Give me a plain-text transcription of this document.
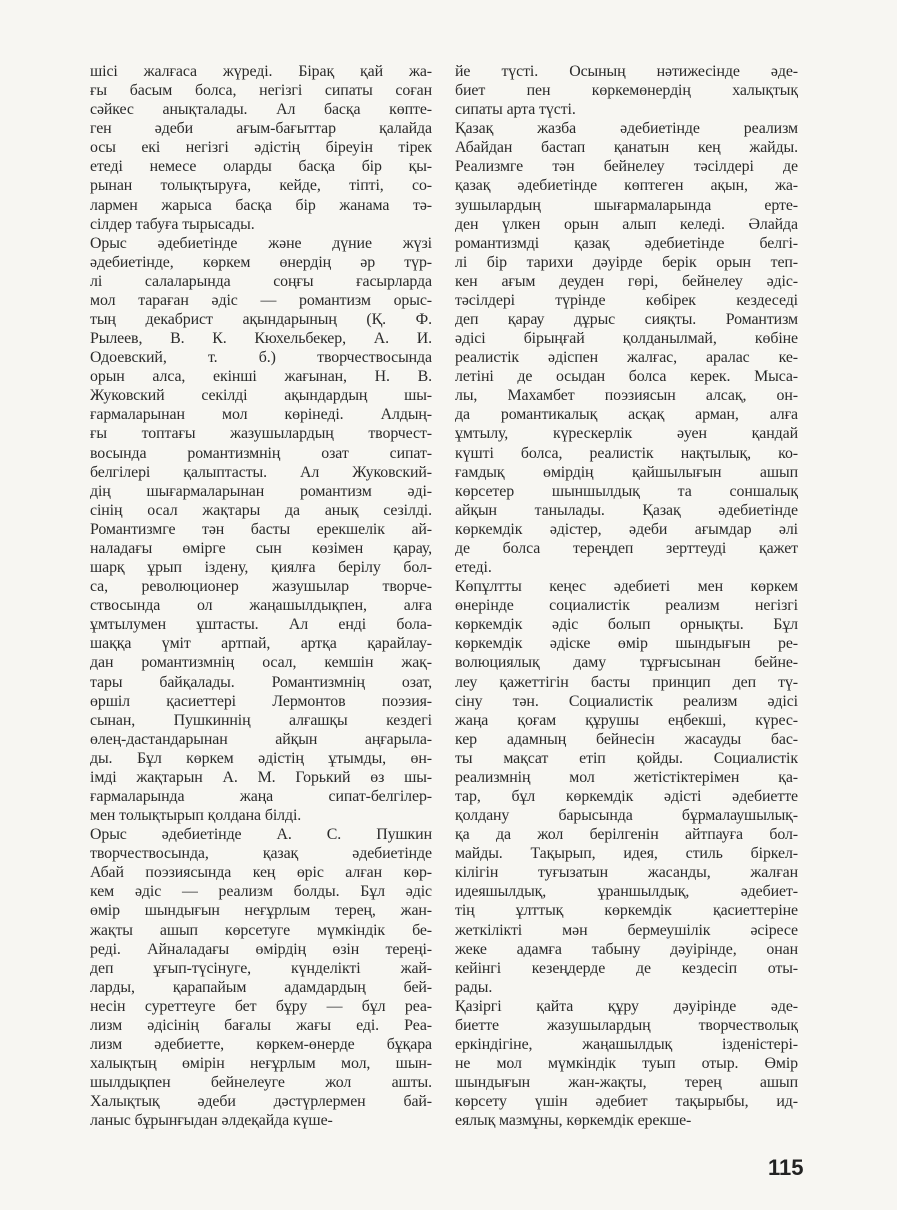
шісі жалғаса жүреді. Бірақ қай жа-
ғы басым болса, негізгі сипаты соған
сәйкес анықталады. Ал басқа көпте-
ген әдеби ағым-бағыттар қалайда
осы екі негізгі әдістің біреуін тірек
етеді немесе оларды басқа бір қы-
рынан толықтыруға, кейде, тіпті, со-
лармен жарыса басқа бір жанама тә-
сілдер табуға тырысады.
Орыс әдебиетінде және дүние жүзі
әдебиетінде, көркем өнердің әр түр-
лі салаларында соңғы ғасырларда
мол тараған әдіс — романтизм орыс-
тың декабрист ақындарының (Қ. Ф.
Рылеев, В. К. Кюхельбекер, А. И.
Одоевский, т. б.) творчествосында
орын алса, екінші жағынан, Н. В.
Жуковский секілді ақындардың шы-
ғармаларынан мол көрінеді. Алдың-
ғы топтағы жазушылардың творчест-
восында романтизмнің озат сипат-
белгілері қалыптасты. Ал Жуковский-
дің шығармаларынан романтизм әді-
сінің осал жақтары да анық сезілді.
Романтизмге тән басты ерекшелік ай-
наладағы өмірге сын көзімен қарау,
шарқ ұрып іздену, қиялға берілу бол-
са, революционер жазушылар творче-
ствосында ол жаңашылдықпен, алға
ұмтылумен ұштасты. Ал енді бола-
шаққа үміт артпай, артқа қарайлау-
дан романтизмнің осал, кемшін жақ-
тары байқалады. Романтизмнің озат,
өршіл қасиеттері Лермонтов поэзия-
сынан, Пушкиннің алғашқы кездегі
өлең-дастандарынан айқын аңғарыла-
ды. Бұл көркем әдістің ұтымды, өн-
імді жақтарын А. М. Горький өз шы-
ғармаларында жаңа сипат-белгілер-
мен толықтырып қолдана білді.
Орыс әдебиетінде А. С. Пушкин
творчествосында, қазақ әдебиетінде
Абай поэзиясында кең өріс алған көр-
кем әдіс — реализм болды. Бұл әдіс
өмір шындығын неғұрлым терең, жан-
жақты ашып көрсетуге мүмкіндік бе-
реді. Айналадағы өмірдің өзін тереңі-
деп ұғып-түсінуге, күнделікті жай-
ларды, қарапайым адамдардың бей-
несін суреттеуге бет бұру — бұл реа-
лизм әдісінің бағалы жағы еді. Реа-
лизм әдебиетте, көркем-өнерде бұқара
халықтың өмірін неғұрлым мол, шын-
шылдықпен бейнелеуге жол ашты.
Халықтық әдеби дәстүрлермен бай-
ланыс бұрынғыдан әлдеқайда күше-
йе түсті. Осының нәтижесінде әде-
биет пен көркемөнердің халықтық
сипаты арта түсті.
Қазақ жазба әдебиетінде реализм
Абайдан бастап қанатын кең жайды.
Реализмге тән бейнелеу тәсілдері де
қазақ әдебиетінде көптеген ақын, жа-
зушылардың шығармаларында ерте-
ден үлкен орын алып келеді. Әлайда
романтизмді қазақ әдебиетінде белгі-
лі бір тарихи дәуірде берік орын теп-
кен ағым деуден гөрі, бейнелеу әдіс-
тәсілдері түрінде көбірек кездеседі
деп қарау дұрыс сияқты. Романтизм
әдісі бірыңғай қолданылмай, көбіне
реалистік әдіспен жалғас, аралас ке-
летіні де осыдан болса керек. Мыса-
лы, Махамбет поэзиясын алсақ, он-
да романтикалық асқақ арман, алға
ұмтылу, күрескерлік әуен қандай
күшті болса, реалистік нақтылық, ко-
ғамдық өмірдің қайшылығын ашып
көрсетер шыншылдық та соншалық
айқын танылады. Қазақ әдебиетінде
көркемдік әдістер, әдеби ағымдар әлі
де болса тереңдеп зерттеуді қажет
етеді.
Көпұлтты кеңес әдебиеті мен көркем
өнерінде социалистік реализм негізгі
көркемдік әдіс болып орнықты. Бұл
көркемдік әдіске өмір шындығын ре-
волюциялық даму тұрғысынан бейне-
леу қажеттігін басты принцип деп тү-
сіну тән. Социалистік реализм әдісі
жаңа қоғам құрушы еңбекші, күрес-
кер адамның бейнесін жасауды бас-
ты мақсат етіп қойды. Социалистік
реализмнің мол жетістіктерімен қа-
тар, бұл көркемдік әдісті әдебиетте
қолдану барысында бұрмалаушылық-
қа да жол берілгенін айтпауға бол-
майды. Тақырып, идея, стиль біркел-
кілігін туғызатын жасанды, жалған
идеяшылдық, ұраншылдық, әдебиет-
тің ұлттық көркемдік қасиеттеріне
жеткілікті мән бермеушілік әсіресе
жеке адамға табыну дәуірінде, онан
кейінгі кезеңдерде де кездесіп оты-
рады.
Қазіргі қайта құру дәуірінде әде-
биетте жазушылардың творчестволық
еркіндігіне, жаңашылдық ізденістері-
не мол мүмкіндік туып отыр. Өмір
шындығын жан-жақты, терең ашып
көрсету үшін әдебиет тақырыбы, ид-
еялық мазмұны, көркемдік ерекше-
115
